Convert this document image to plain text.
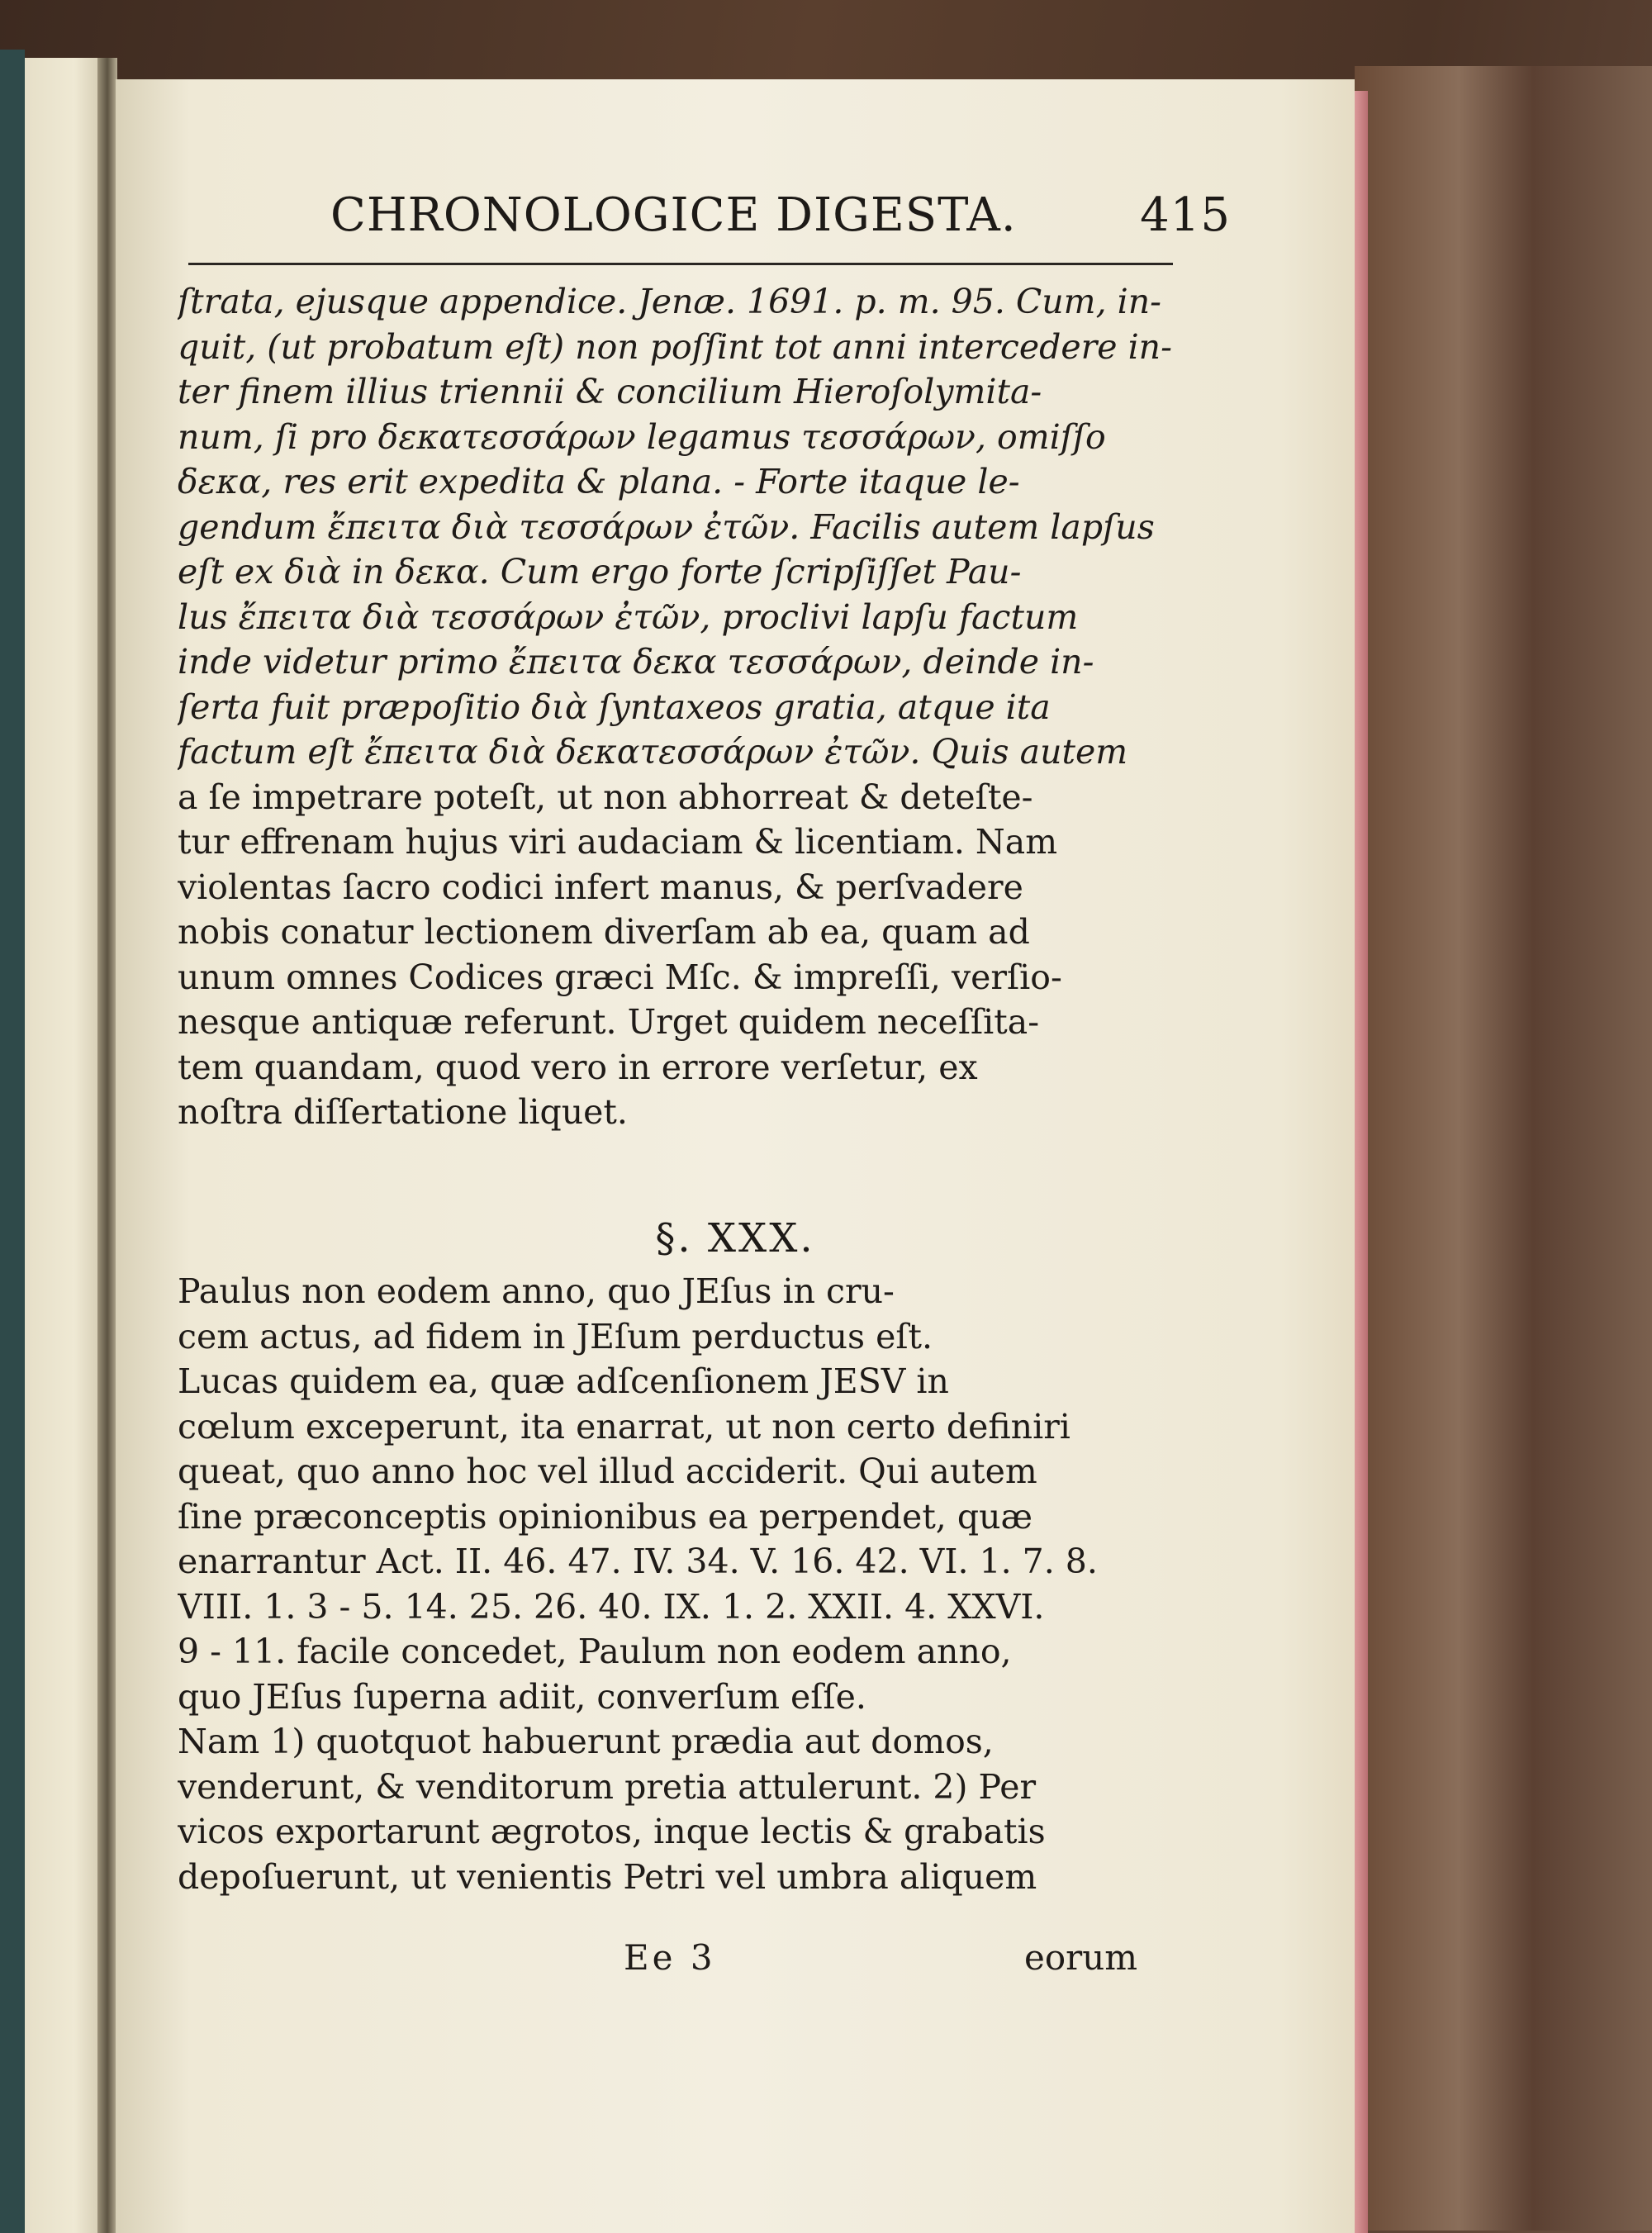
CHRONOLOGICE DIGESTA.	415
ſtrata, ejusque appendice. Jenæ. 1691. p. m. 95. Cum, in-
quit, (ut probatum eſt) non poſſint tot anni intercedere in-
ter finem illius triennii & concilium Hieroſolymita-
num, ſi pro δεκατεσσάρων legamus τεσσάρων, omiſſo
δεκα, res erit expedita & plana. - Forte itaque le-
gendum ἔπειτα διὰ τεσσάρων ἐτῶν. Facilis autem lapſus
eſt ex διὰ in δεκα. Cum ergo forte ſcripſiſſet Pau-
lus ἔπειτα διὰ τεσσάρων ἐτῶν, proclivi lapſu factum
inde videtur primo ἔπειτα δεκα τεσσάρων, deinde in-
ſerta fuit præpoſitio διὰ ſyntaxeos gratia, atque ita
factum eſt ἔπειτα διὰ δεκατεσσάρων ἐτῶν. Quis autem
a ſe impetrare poteſt, ut non abhorreat & deteſte-
tur effrenam hujus viri audaciam & licentiam. Nam
violentas ſacro codici infert manus, & perſvadere
nobis conatur lectionem diverſam ab ea, quam ad
unum omnes Codices græci Mſc. & impreſſi, verſio-
nesque antiquæ referunt. Urget quidem neceſſita-
tem quandam, quod vero in errore verſetur, ex
noſtra diſſertatione liquet.
§. XXX.
Paulus non eodem anno, quo JEſus in cru-
cem actus, ad fidem in JEſum perductus eſt.
Lucas quidem ea, quæ adſcenſionem JESV in
cœlum exceperunt, ita enarrat, ut non certo definiri
queat, quo anno hoc vel illud acciderit. Qui autem
ſine præconceptis opinionibus ea perpendet, quæ
enarrantur Act. II. 46. 47. IV. 34. V. 16. 42. VI. 1. 7. 8.
VIII. 1. 3 - 5. 14. 25. 26. 40. IX. 1. 2. XXII. 4. XXVI.
9 - 11. facile concedet, Paulum non eodem anno,
quo JEſus ſuperna adiit, converſum eſſe.
Nam 1) quotquot habuerunt prædia aut domos,
venderunt, & venditorum pretia attulerunt. 2) Per
vicos exportarunt ægrotos, inque lectis & grabatis
depoſuerunt, ut venientis Petri vel umbra aliquem
Ee 3	eorum
